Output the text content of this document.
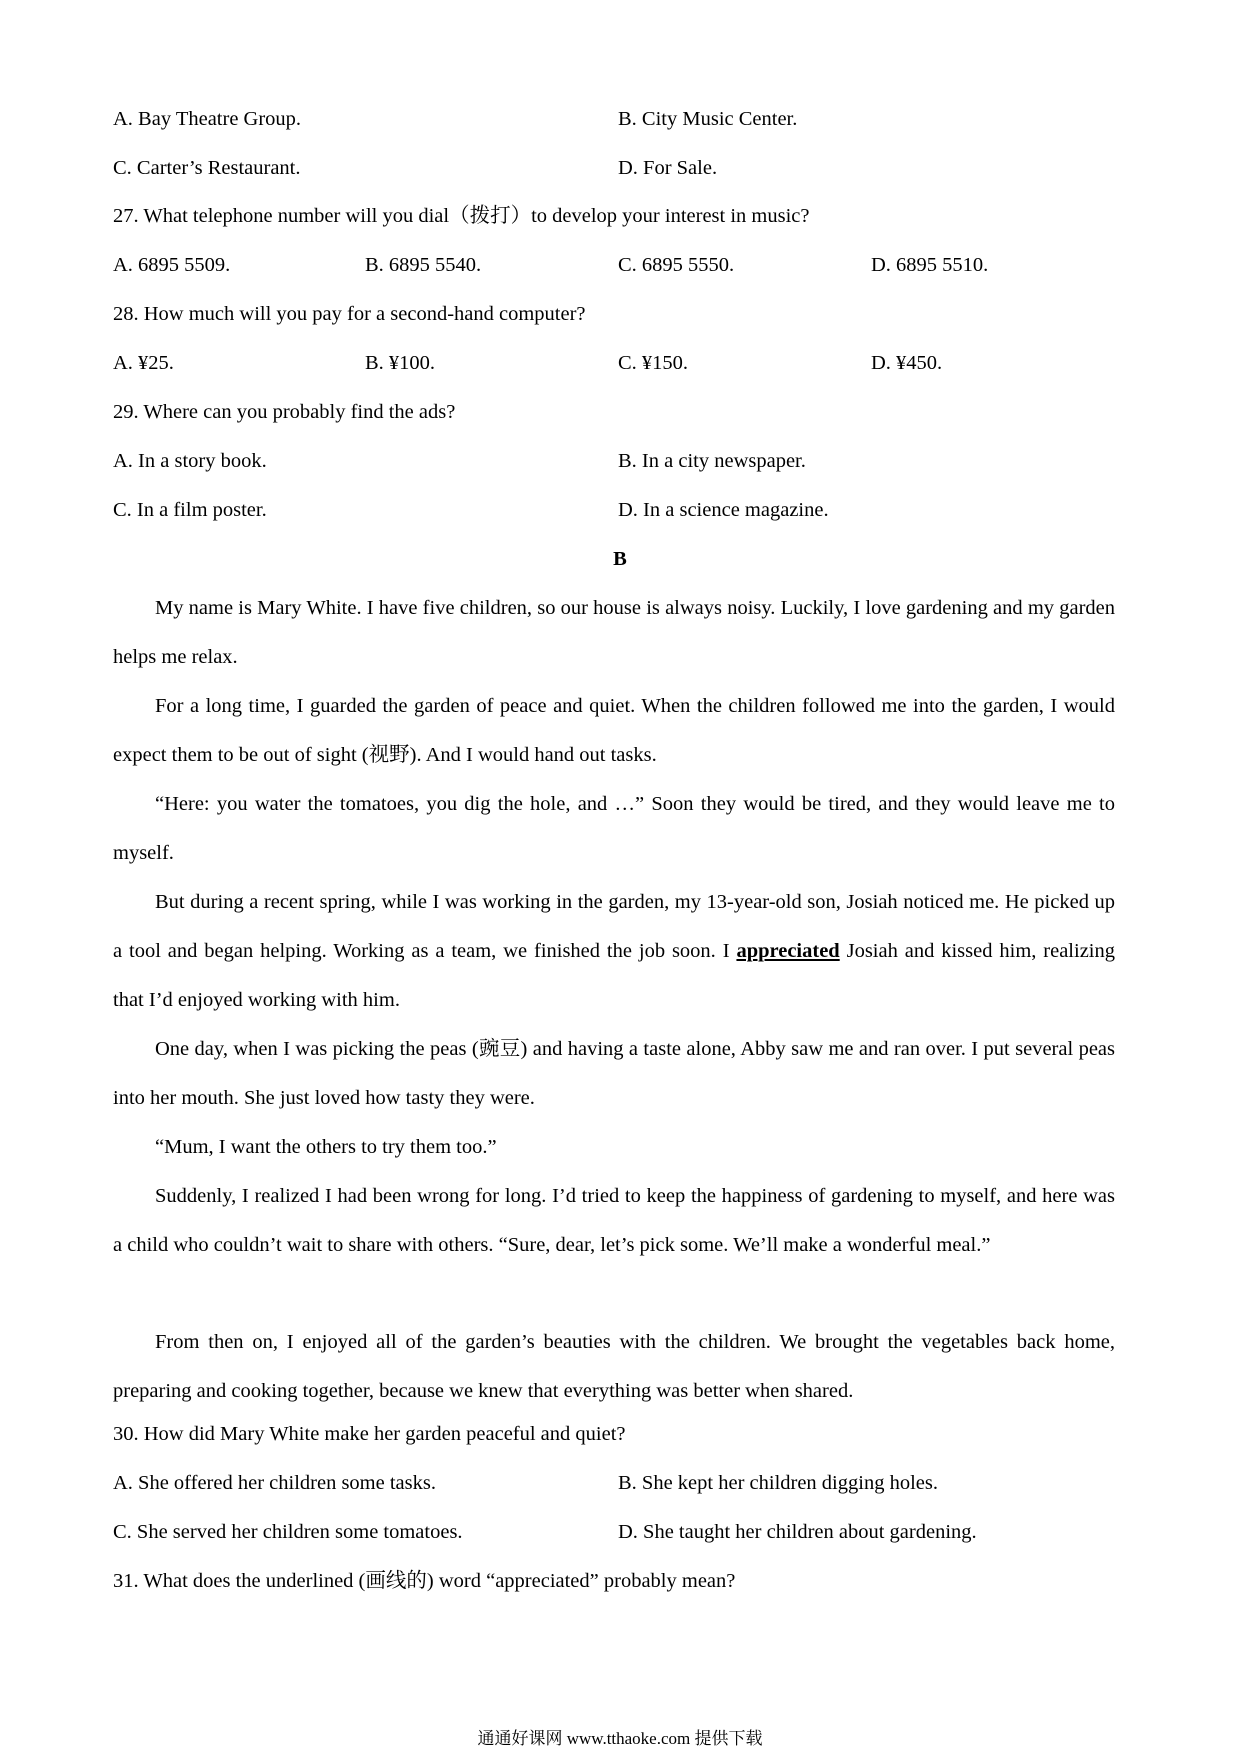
A. Bay Theatre Group.	B. City Music Center.
C. Carter’s Restaurant.	D. For Sale.
27. What telephone number will you dial（拨打）to develop your interest in music?
A. 6895 5509.	B. 6895 5540.	C. 6895 5550.	D. 6895 5510.
28. How much will you pay for a second-hand computer?
A. ¥25.	B. ¥100.	C. ¥150.	D. ¥450.
29. Where can you probably find the ads?
A. In a story book.	B. In a city newspaper.
C. In a film poster.	D. In a science magazine.
B
My name is Mary White. I have five children, so our house is always noisy. Luckily, I love gardening and my garden helps me relax.
For a long time, I guarded the garden of peace and quiet. When the children followed me into the garden, I would expect them to be out of sight (视野). And I would hand out tasks.
“Here: you water the tomatoes, you dig the hole, and …” Soon they would be tired, and they would leave me to myself.
But during a recent spring, while I was working in the garden, my 13-year-old son, Josiah noticed me. He picked up a tool and began helping. Working as a team, we finished the job soon. I appreciated Josiah and kissed him, realizing that I’d enjoyed working with him.
One day, when I was picking the peas (豌豆) and having a taste alone, Abby saw me and ran over. I put several peas into her mouth. She just loved how tasty they were.
“Mum, I want the others to try them too.”
Suddenly, I realized I had been wrong for long. I’d tried to keep the happiness of gardening to myself, and here was a child who couldn’t wait to share with others. “Sure, dear, let’s pick some. We’ll make a wonderful meal.”
From then on, I enjoyed all of the garden’s beauties with the children. We brought the vegetables back home, preparing and cooking together, because we knew that everything was better when shared.
30. How did Mary White make her garden peaceful and quiet?
A. She offered her children some tasks.	B. She kept her children digging holes.
C. She served her children some tomatoes.	D. She taught her children about gardening.
31. What does the underlined (画线的) word “appreciated” probably mean?
通通好课网 www.tthaoke.com 提供下载
